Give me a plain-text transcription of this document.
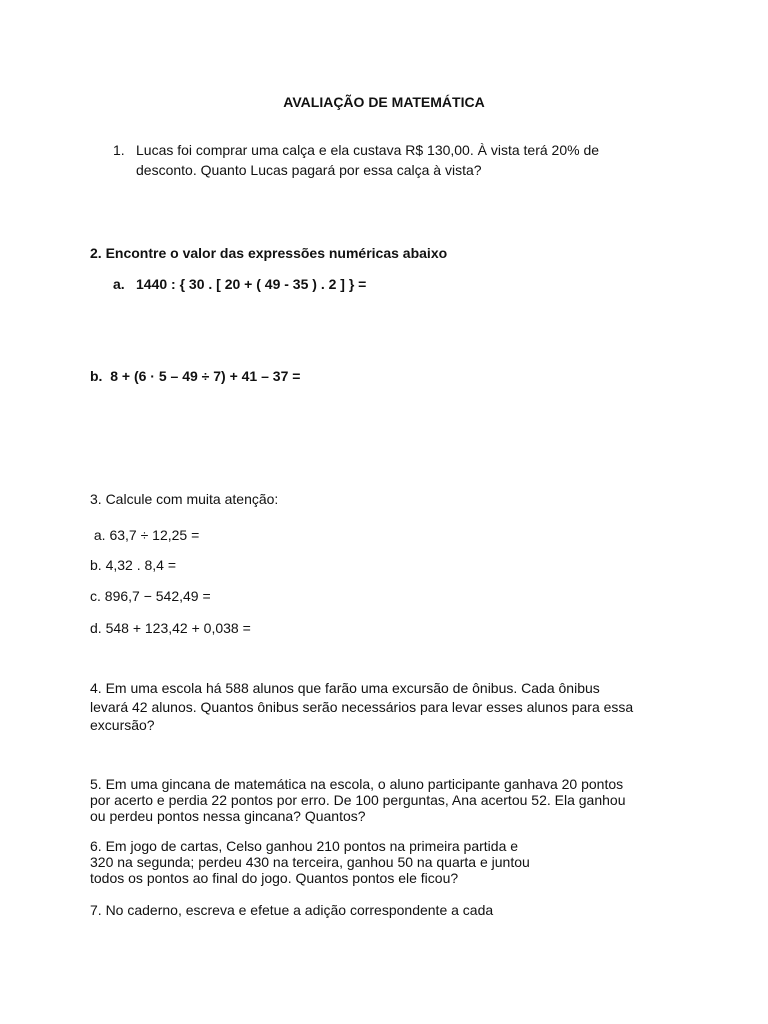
AVALIAÇÃO DE MATEMÁTICA
1. Lucas foi comprar uma calça e ela custava R$ 130,00. À vista terá 20% de
desconto. Quanto Lucas pagará por essa calça à vista?
2. Encontre o valor das expressões numéricas abaixo
a. 1440 : { 30 . [ 20 + ( 49 - 35 ) . 2 ] } =
b.  8 + (6 · 5 – 49 ÷ 7) + 41 – 37 =
3. Calcule com muita atenção:
a. 63,7 ÷ 12,25 =
b. 4,32 . 8,4 =
c. 896,7 − 542,49 =
d. 548 + 123,42 + 0,038 =
4. Em uma escola há 588 alunos que farão uma excursão de ônibus. Cada ônibus
levará 42 alunos. Quantos ônibus serão necessários para levar esses alunos para essa
excursão?
5. Em uma gincana de matemática na escola, o aluno participante ganhava 20 pontos
por acerto e perdia 22 pontos por erro. De 100 perguntas, Ana acertou 52. Ela ganhou
ou perdeu pontos nessa gincana? Quantos?
6. Em jogo de cartas, Celso ganhou 210 pontos na primeira partida e
320 na segunda; perdeu 430 na terceira, ganhou 50 na quarta e juntou
todos os pontos ao final do jogo. Quantos pontos ele ficou?
7. No caderno, escreva e efetue a adição correspondente a cada
